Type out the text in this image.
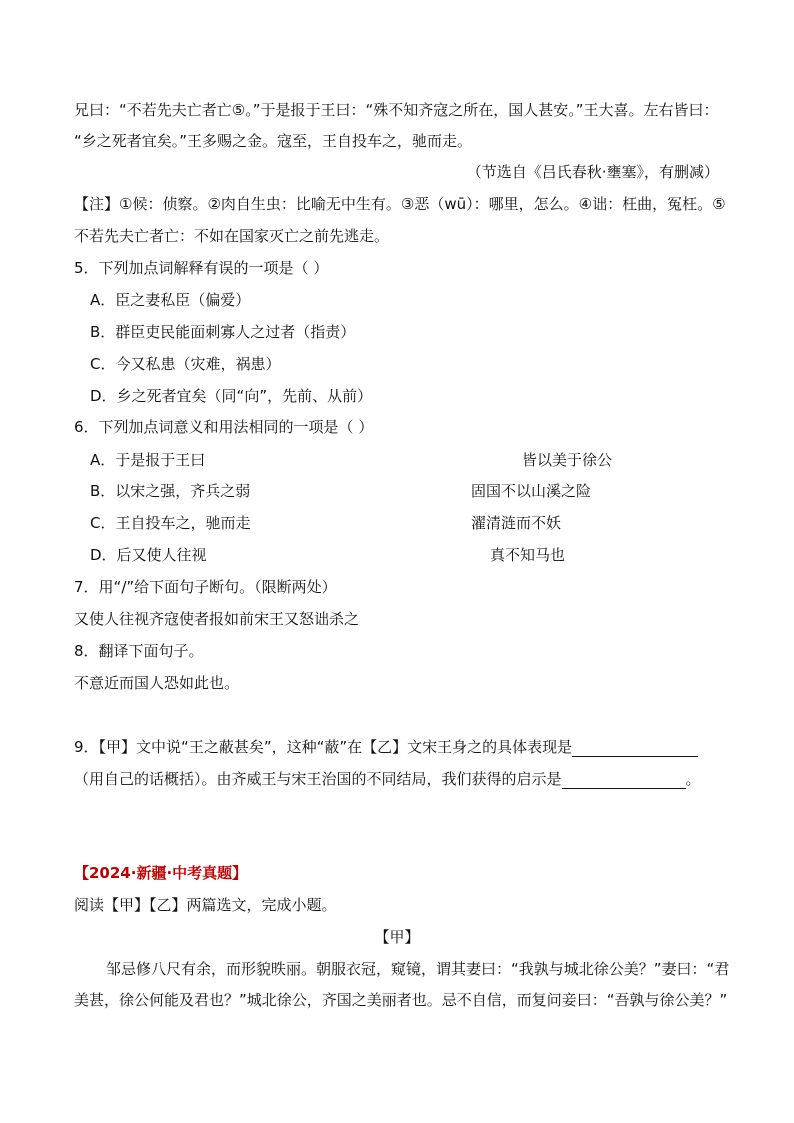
兄曰：“不若先夫亡者亡⑤。”于是报于王曰：“殊不知齐寇之所在，国人甚安。”王大喜。左右皆曰：
“乡之死者宜矣。”王多赐之金。寇至，王自投车之，驰而走。
（节选自《吕氏春秋·壅塞》，有删减）
【注】①候：侦察。②肉自生虫：比喻无中生有。③恶（wū）：哪里，怎么。④诎：枉曲，冤枉。⑤
不若先夫亡者亡：不如在国家灭亡之前先逃走。
5．下列加点词解释有误的一项是（ ）
A．臣之妻私臣（偏爱）
B．群臣吏民能面刺寡人之过者（指责）
C．今又私患（灾难，祸患）
D．乡之死者宜矣（同“向”，先前、从前）
6．下列加点词意义和用法相同的一项是（ ）
A．于是报于王曰	皆以美于徐公
B．以宋之强，齐兵之弱	固国不以山溪之险
C．王自投车之，驰而走	濯清涟而不妖
D．后又使人往视	真不知马也
7．用“/”给下面句子断句。（限断两处）
又使人往视齐寇使者报如前宋王又怒诎杀之
8．翻译下面句子。
不意近而国人恐如此也。
9．【甲】文中说“王之蔽甚矣”，这种“蔽”在【乙】文宋王身之的具体表现是
（用自己的话概括）。由齐威王与宋王治国的不同结局，我们获得的启示是	。
【2024·新疆·中考真题】
阅读【甲】【乙】两篇选文，完成小题。
【甲】
邹忌修八尺有余，而形貌昳丽。朝服衣冠，窥镜，谓其妻曰：“我孰与城北徐公美？”妻曰：“君
美甚，徐公何能及君也？”城北徐公，齐国之美丽者也。忌不自信，而复问妾曰：“吾孰与徐公美？”
